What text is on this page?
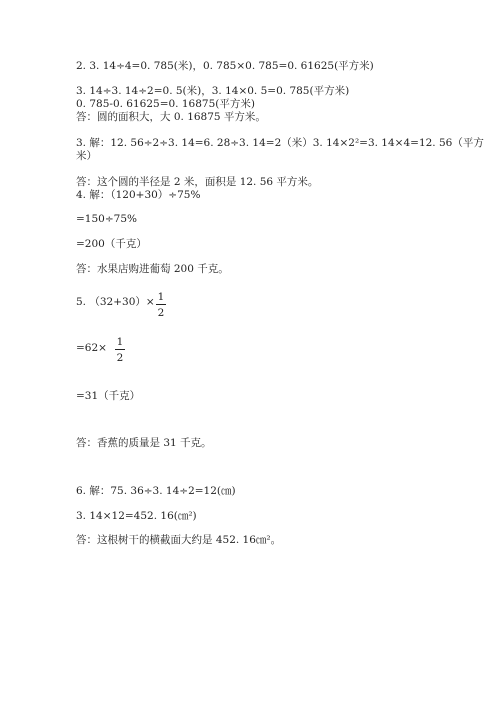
2. 3. 14÷4=0. 785(米)，0. 785×0. 785=0. 61625(平方米)
3. 14÷3. 14÷2=0. 5(米)，3. 14×0. 5=0. 785(平方米)
0. 785-0. 61625=0. 16875(平方米)
答：圆的面积大，大 0. 16875 平方米。
3. 解：12. 56÷2÷3. 14=6. 28÷3. 14=2（米）3. 14×2²=3. 14×4=12. 56（平方
米）
答：这个圆的半径是 2 米，面积是 12. 56 平方米。
4. 解：（120+30）÷75%
=150÷75%
=200（千克）
答：水果店购进葡萄 200 千克。
5. （32+30）× 1
2
=62× 1
2
=31（千克）
答：香蕉的质量是 31 千克。
6. 解：75. 36÷3. 14÷2=12(㎝)
3. 14×12=452. 16(㎝²)
答：这根树干的横截面大约是 452. 16㎝²。
